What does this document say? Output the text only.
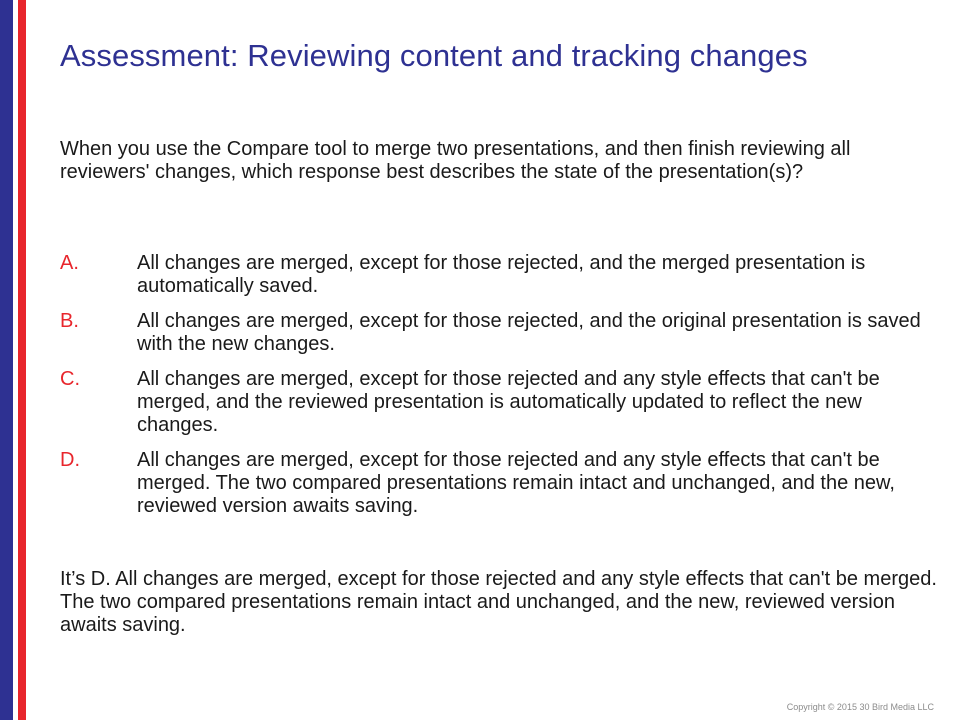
Assessment: Reviewing content and tracking changes
When you use the Compare tool to merge two presentations, and then finish reviewing all reviewers' changes, which response best describes the state of the presentation(s)?
A.	All changes are merged, except for those rejected, and the merged presentation is automatically saved.
B.	All changes are merged, except for those rejected, and the original presentation is saved with the new changes.
C.	All changes are merged, except for those rejected and any style effects that can't be merged, and the reviewed presentation is automatically updated to reflect the new changes.
D.	All changes are merged, except for those rejected and any style effects that can't be merged. The two compared presentations remain intact and unchanged, and the new, reviewed version awaits saving.
It’s D. All changes are merged, except for those rejected and any style effects that can't be merged. The two compared presentations remain intact and unchanged, and the new, reviewed version awaits saving.
Copyright © 2015 30 Bird Media LLC
